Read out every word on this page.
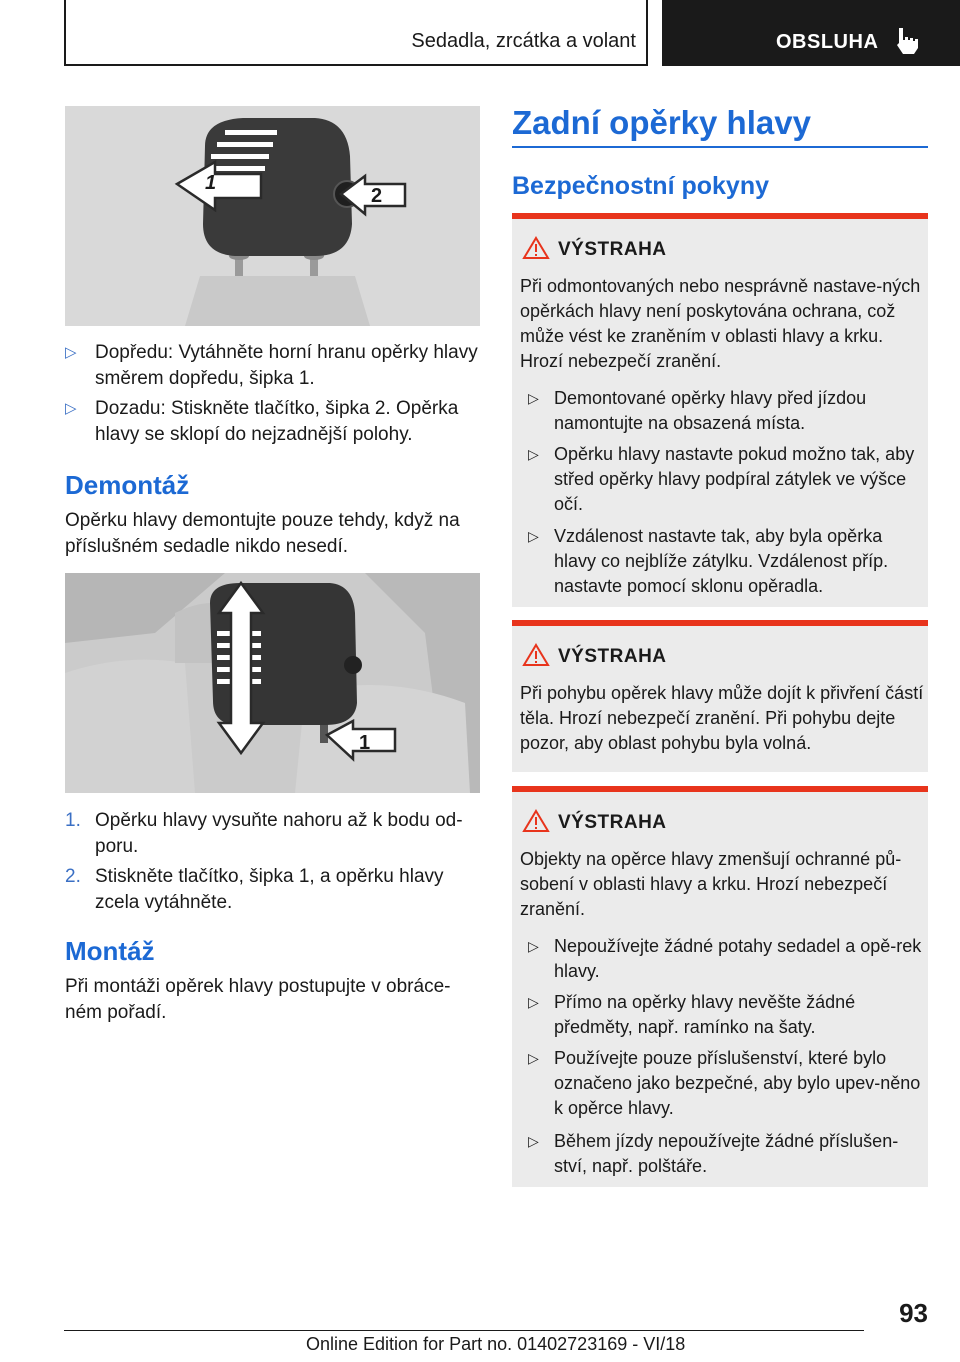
Sedadla, zrcátka a volant	OBSLUHA
1
2
▷ Dopředu: Vytáhněte horní hranu opěrky hlavy směrem dopředu, šipka 1.
▷ Dozadu: Stiskněte tlačítko, šipka 2. Opěrka hlavy se sklopí do nejzadnější polohy.
Demontáž
Opěrku hlavy demontujte pouze tehdy, když na příslušném sedadle nikdo nesedí.
1
1. Opěrku hlavy vysuňte nahoru až k bodu od‐poru.
2. Stiskněte tlačítko, šipka 1, a opěrku hlavy zcela vytáhněte.
Montáž
Při montáži opěrek hlavy postupujte v obráce‐ném pořadí.
Zadní opěrky hlavy
Bezpečnostní pokyny
VÝSTRAHA
Při odmontovaných nebo nesprávně nastave‐ných opěrkách hlavy není poskytována ochrana, což může vést ke zraněním v oblasti hlavy a krku. Hrozí nebezpečí zranění.
▷ Demontované opěrky hlavy před jízdou namontujte na obsazená místa.
▷ Opěrku hlavy nastavte pokud možno tak, aby střed opěrky hlavy podpíral zátylek ve výšce očí.
▷ Vzdálenost nastavte tak, aby byla opěrka hlavy co nejblíže zátylku. Vzdálenost příp. nastavte pomocí sklonu opěradla.
VÝSTRAHA
Při pohybu opěrek hlavy může dojít k přivření částí těla. Hrozí nebezpečí zranění. Při pohybu dejte pozor, aby oblast pohybu byla volná.
VÝSTRAHA
Objekty na opěrce hlavy zmenšují ochranné pů‐sobení v oblasti hlavy a krku. Hrozí nebezpečí zranění.
▷ Nepoužívejte žádné potahy sedadel a opě‐rek hlavy.
▷ Přímo na opěrky hlavy nevěšte žádné předměty, např. ramínko na šaty.
▷ Používejte pouze příslušenství, které bylo označeno jako bezpečné, aby bylo upev‐něno k opěrce hlavy.
▷ Během jízdy nepoužívejte žádné příslušen‐ství, např. polštáře.
93
Online Edition for Part no. 01402723169 - VI/18
